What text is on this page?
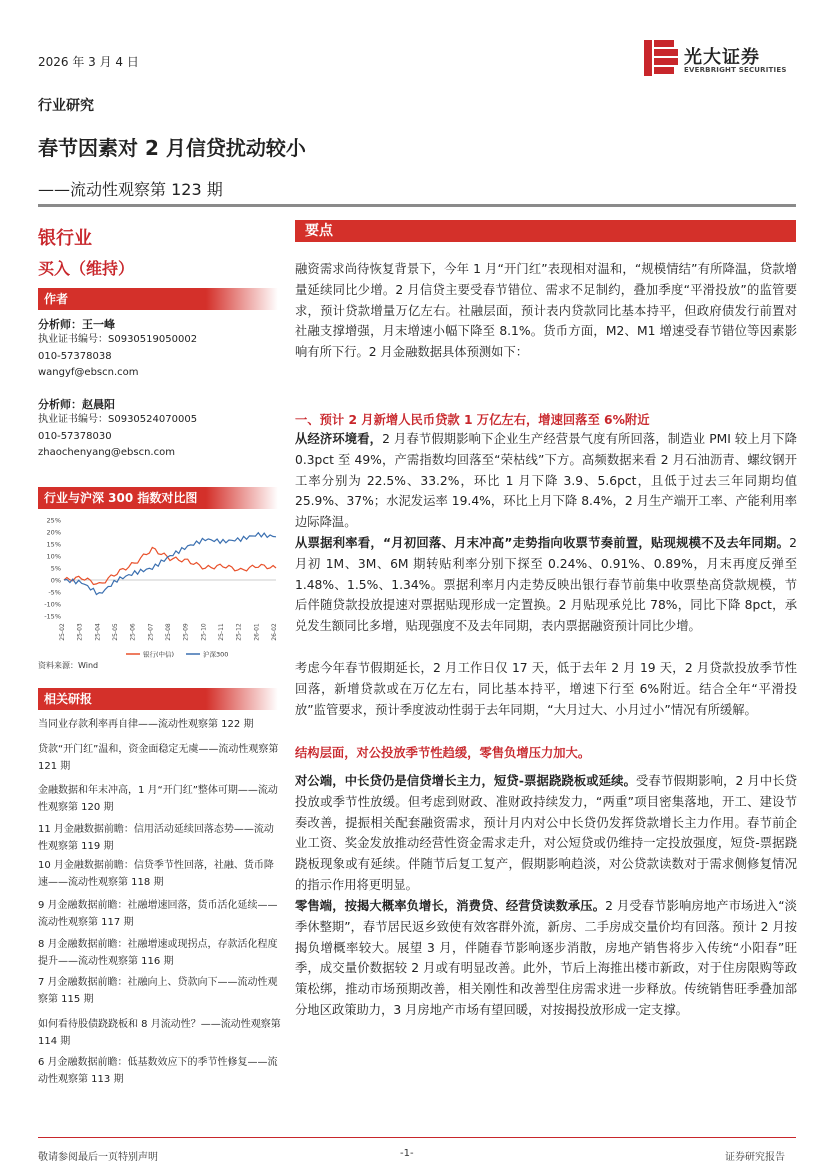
2026 年 3 月 4 日	光大证券
EVERBRIGHT SECURITIES
行业研究
春节因素对 2 月信贷扰动较小
——流动性观察第 123 期
银行业
买入（维持）
作者
分析师：王一峰
执业证书编号：S0930519050002
010-57378038
wangyf@ebscn.com
分析师：赵晨阳
执业证书编号：S0930524070005
010-57378030
zhaochenyang@ebscn.com
行业与沪深 300 指数对比图
25%
20%
15%
10%
5%
0%
-5%
-10%
-15%
25-02 25-03 25-04 25-05 25-06 25-07 25-08 25-09 25-10 25-11 25-12 26-01 26-02
银行(中信)	沪深300
资料来源：Wind
相关研报
当同业存款利率再自律——流动性观察第 122 期
贷款“开门红”温和，资金面稳定无虞——流动性观察第 121 期
金融数据和年末冲高，1 月“开门红”整体可期——流动性观察第 120 期
11 月金融数据前瞻：信用活动延续回落态势——流动性观察第 119 期
10 月金融数据前瞻：信贷季节性回落，社融、货币降速——流动性观察第 118 期
9 月金融数据前瞻：社融增速回落，货币活化延续——流动性观察第 117 期
8 月金融数据前瞻：社融增速或现拐点，存款活化程度提升——流动性观察第 116 期
7 月金融数据前瞻：社融向上、贷款向下——流动性观察第 115 期
如何看待股债跷跷板和 8 月流动性？——流动性观察第 114 期
6 月金融数据前瞻：低基数效应下的季节性修复——流动性观察第 113 期
要点
融资需求尚待恢复背景下，今年 1 月“开门红”表现相对温和，“规模情结”有所降温，贷款增量延续同比少增。2 月信贷主要受春节错位、需求不足制约，叠加季度“平滑投放”的监管要求，预计贷款增量万亿左右。社融层面，预计表内贷款同比基本持平，但政府债发行前置对社融支撑增强，月末增速小幅下降至 8.1%。货币方面，M2、M1 增速受春节错位等因素影响有所下行。2 月金融数据具体预测如下：
一、预计 2 月新增人民币贷款 1 万亿左右，增速回落至 6%附近
从经济环境看，2 月春节假期影响下企业生产经营景气度有所回落，制造业 PMI 较上月下降 0.3pct 至 49%，产需指数均回落至“荣枯线”下方。高频数据来看 2 月石油沥青、螺纹钢开工率分别为 22.5%、33.2%，环比 1 月下降 3.9、5.6pct，且低于过去三年同期均值 25.9%、37%；水泥发运率 19.4%，环比上月下降 8.4%，2 月生产端开工率、产能利用率边际降温。
从票据利率看，“月初回落、月末冲高”走势指向收票节奏前置，贴现规模不及去年同期。2 月初 1M、3M、6M 期转贴利率分别下探至 0.24%、0.91%、0.89%，月末再度反弹至 1.48%、1.5%、1.34%。票据利率月内走势反映出银行春节前集中收票垫高贷款规模，节后伴随贷款投放提速对票据贴现形成一定置换。2 月贴现承兑比 78%，同比下降 8pct，承兑发生额同比多增，贴现强度不及去年同期，表内票据融资预计同比少增。
考虑今年春节假期延长，2 月工作日仅 17 天，低于去年 2 月 19 天，2 月贷款投放季节性回落，新增贷款或在万亿左右，同比基本持平，增速下行至 6%附近。结合全年“平滑投放”监管要求，预计季度波动性弱于去年同期，“大月过大、小月过小”情况有所缓解。
结构层面，对公投放季节性趋缓，零售负增压力加大。
对公端，中长贷仍是信贷增长主力，短贷-票据跷跷板或延续。受春节假期影响，2 月中长贷投放或季节性放缓。但考虑到财政、准财政持续发力，“两重”项目密集落地，开工、建设节奏改善，提振相关配套融资需求，预计月内对公中长贷仍发挥贷款增长主力作用。春节前企业工资、奖金发放推动经营性资金需求走升，对公短贷或仍维持一定投放强度，短贷-票据跷跷板现象或有延续。伴随节后复工复产，假期影响趋淡，对公贷款读数对于需求侧修复情况的指示作用将更明显。
零售端，按揭大概率负增长，消费贷、经营贷读数承压。2 月受春节影响房地产市场进入“淡季休整期”，春节居民返乡致使有效客群外流，新房、二手房成交量价均有回落。预计 2 月按揭负增概率较大。展望 3 月，伴随春节影响逐步消散，房地产销售将步入传统“小阳春”旺季，成交量价数据较 2 月或有明显改善。此外，节后上海推出楼市新政，对于住房限购等政策松绑，推动市场预期改善，相关刚性和改善型住房需求进一步释放。传统销售旺季叠加部分地区政策助力，3 月房地产市场有望回暖，对按揭投放形成一定支撑。
敬请参阅最后一页特别声明	-1-	证券研究报告
